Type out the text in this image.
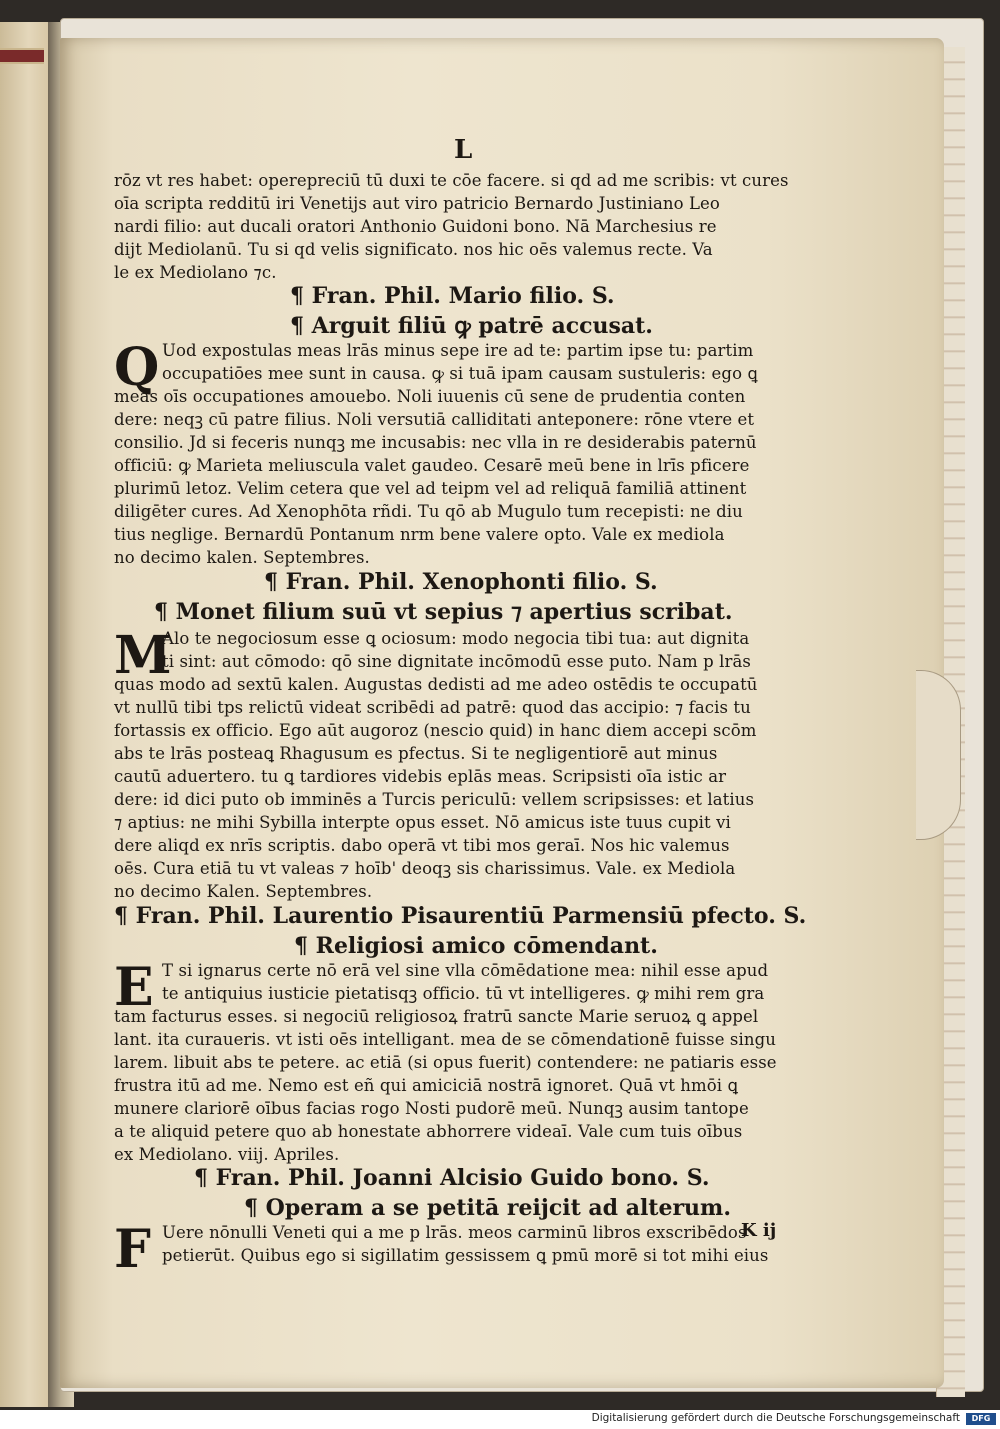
L
rōz vt res habet: operepreciū tū duxi te cōe facere. si qd ad me scribis: vt cures
oīa scripta redditū iri Venetijs aut viro patricio Bernardo Justiniano Leo
nardi filio: aut ducali oratori Anthonio Guidoni bono. Nā Marchesius re
dijt Mediolanū. Tu si qd velis significato. nos hic oēs valemus recte. Va
le ex Mediolano ⁊c.
¶ Fran. Phil. Mario filio. S.
¶ Arguit filiū ꝙ patrē accusat.
Q Uod expostulas meas lrās minus sepe ire ad te: partim ipse tu: partim
occupatiōes mee sunt in causa. ꝙ si tuā ipam causam sustuleris: ego ꝗ
meas oīs occupationes amouebo. Noli iuuenis cū sene de prudentia conten
dere: neqꝫ cū patre filius. Noli versutiā calliditati anteponere: rōne vtere et
consilio. Jd si feceris nunqꝫ me incusabis: nec vlla in re desiderabis paternū
officiū: ꝙ Marieta meliuscula valet gaudeo. Cesarē meū bene in lrīs pficere
plurimū letoz. Velim cetera que vel ad teipm vel ad reliquā familiā attinent
diligēter cures. Ad Xenophōta rñdi. Tu qō ab Mugulo tum recepisti: ne diu
tius neglige. Bernardū Pontanum nrm bene valere opto. Vale ex mediola
no decimo kalen. Septembres.
¶ Fran. Phil. Xenophonti filio. S.
¶ Monet filium suū vt sepius ⁊ apertius scribat.
M
Alo te negociosum esse ꝗ ociosum: modo negocia tibi tua: aut dignita
ti sint: aut cōmodo: qō sine dignitate incōmodū esse puto. Nam p lrās
quas modo ad sextū kalen. Augustas dedisti ad me adeo ostēdis te occupatū
vt nullū tibi tps relictū videat scribēdi ad patrē: quod das accipio: ⁊ facis tu
fortassis ex officio. Ego aūt augoroz (nescio quid) in hanc diem accepi scōm
abs te lrās posteaꝗ Rhagusum es pfectus. Si te negligentiorē aut minus
cautū aduertero. tu ꝗ tardiores videbis eplās meas. Scripsisti oīa istic ar
dere: id dici puto ob imminēs a Turcis periculū: vellem scripsisses: et latius
⁊ aptius: ne mihi Sybilla interpte opus esset. Nō amicus iste tuus cupit vi
dere aliqd ex nrīs scriptis. dabo operā vt tibi mos geraī. Nos hic valemus
oēs. Cura etiā tu vt valeas ⁊ hoīb' deoqꝫ sis charissimus. Vale. ex Mediola
no decimo Kalen. Septembres.
¶ Fran. Phil. Laurentio Pisaurentiū Parmensiū pfecto. S.
¶ Religiosi amico cōmendant.
E T si ignarus certe nō erā vel sine vlla cōmēdatione mea: nihil esse apud
te antiquius iusticie pietatisqꝫ officio. tū vt intelligeres. ꝙ mihi rem gra
tam facturus esses. si negociū religiosoꝝ fratrū sancte Marie seruoꝝ ꝗ appel
lant. ita curaueris. vt isti oēs intelligant. mea de se cōmendationē fuisse singu
larem. libuit abs te petere. ac etiā (si opus fuerit) contendere: ne patiaris esse
frustra itū ad me. Nemo est eñ qui amiciciā nostrā ignoret. Quā vt hmōi ꝗ
munere clariorē oībus facias rogo Nosti pudorē meū. Nunqꝫ ausim tantope
a te aliquid petere quo ab honestate abhorrere videaī. Vale cum tuis oībus
ex Mediolano. viij. Apriles.
¶ Fran. Phil. Joanni Alcisio Guido bono. S.
¶ Operam a se petitā reijcit ad alterum.
F Uere nōnulli Veneti qui a me p lrās. meos carminū libros exscribēdos
petierūt. Quibus ego si sigillatim gessissem ꝗ pmū morē si tot mihi eius
K ij
Digitalisierung gefördert durch die Deutsche Forschungsgemeinschaft	DFG
